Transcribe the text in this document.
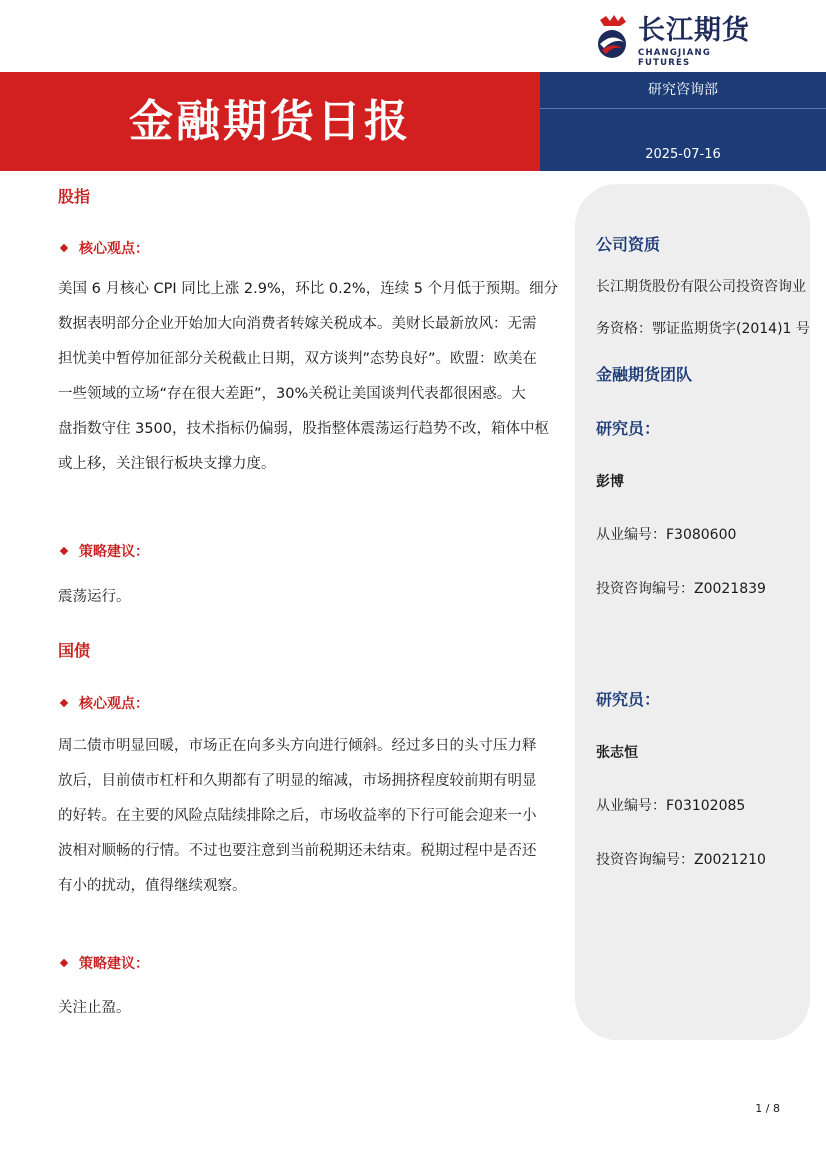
长江期货
CHANGJIANG FUTURES
金融期货日报
研究咨询部
2025-07-16
股指
核心观点：
美国 6 月核心 CPI 同比上涨 2.9%，环比 0.2%，连续 5 个月低于预期。细分
数据表明部分企业开始加大向消费者转嫁关税成本。美财长最新放风：无需
担忧美中暂停加征部分关税截止日期，双方谈判”态势良好”。欧盟：欧美在
一些领域的立场“存在很大差距”，30%关税让美国谈判代表都很困惑。大
盘指数守住 3500，技术指标仍偏弱，股指整体震荡运行趋势不改，箱体中枢
或上移，关注银行板块支撑力度。
策略建议：
震荡运行。
国债
核心观点：
周二债市明显回暖，市场正在向多头方向进行倾斜。经过多日的头寸压力释
放后，目前债市杠杆和久期都有了明显的缩减，市场拥挤程度较前期有明显
的好转。在主要的风险点陆续排除之后，市场收益率的下行可能会迎来一小
波相对顺畅的行情。不过也要注意到当前税期还未结束。税期过程中是否还
有小的扰动，值得继续观察。
策略建议：
关注止盈。
公司资质
长江期货股份有限公司投资咨询业
务资格：鄂证监期货字(2014)1 号
金融期货团队
研究员：
彭博
从业编号：F3080600
投资咨询编号：Z0021839
研究员：
张志恒
从业编号：F03102085
投资咨询编号：Z0021210
1 / 8
